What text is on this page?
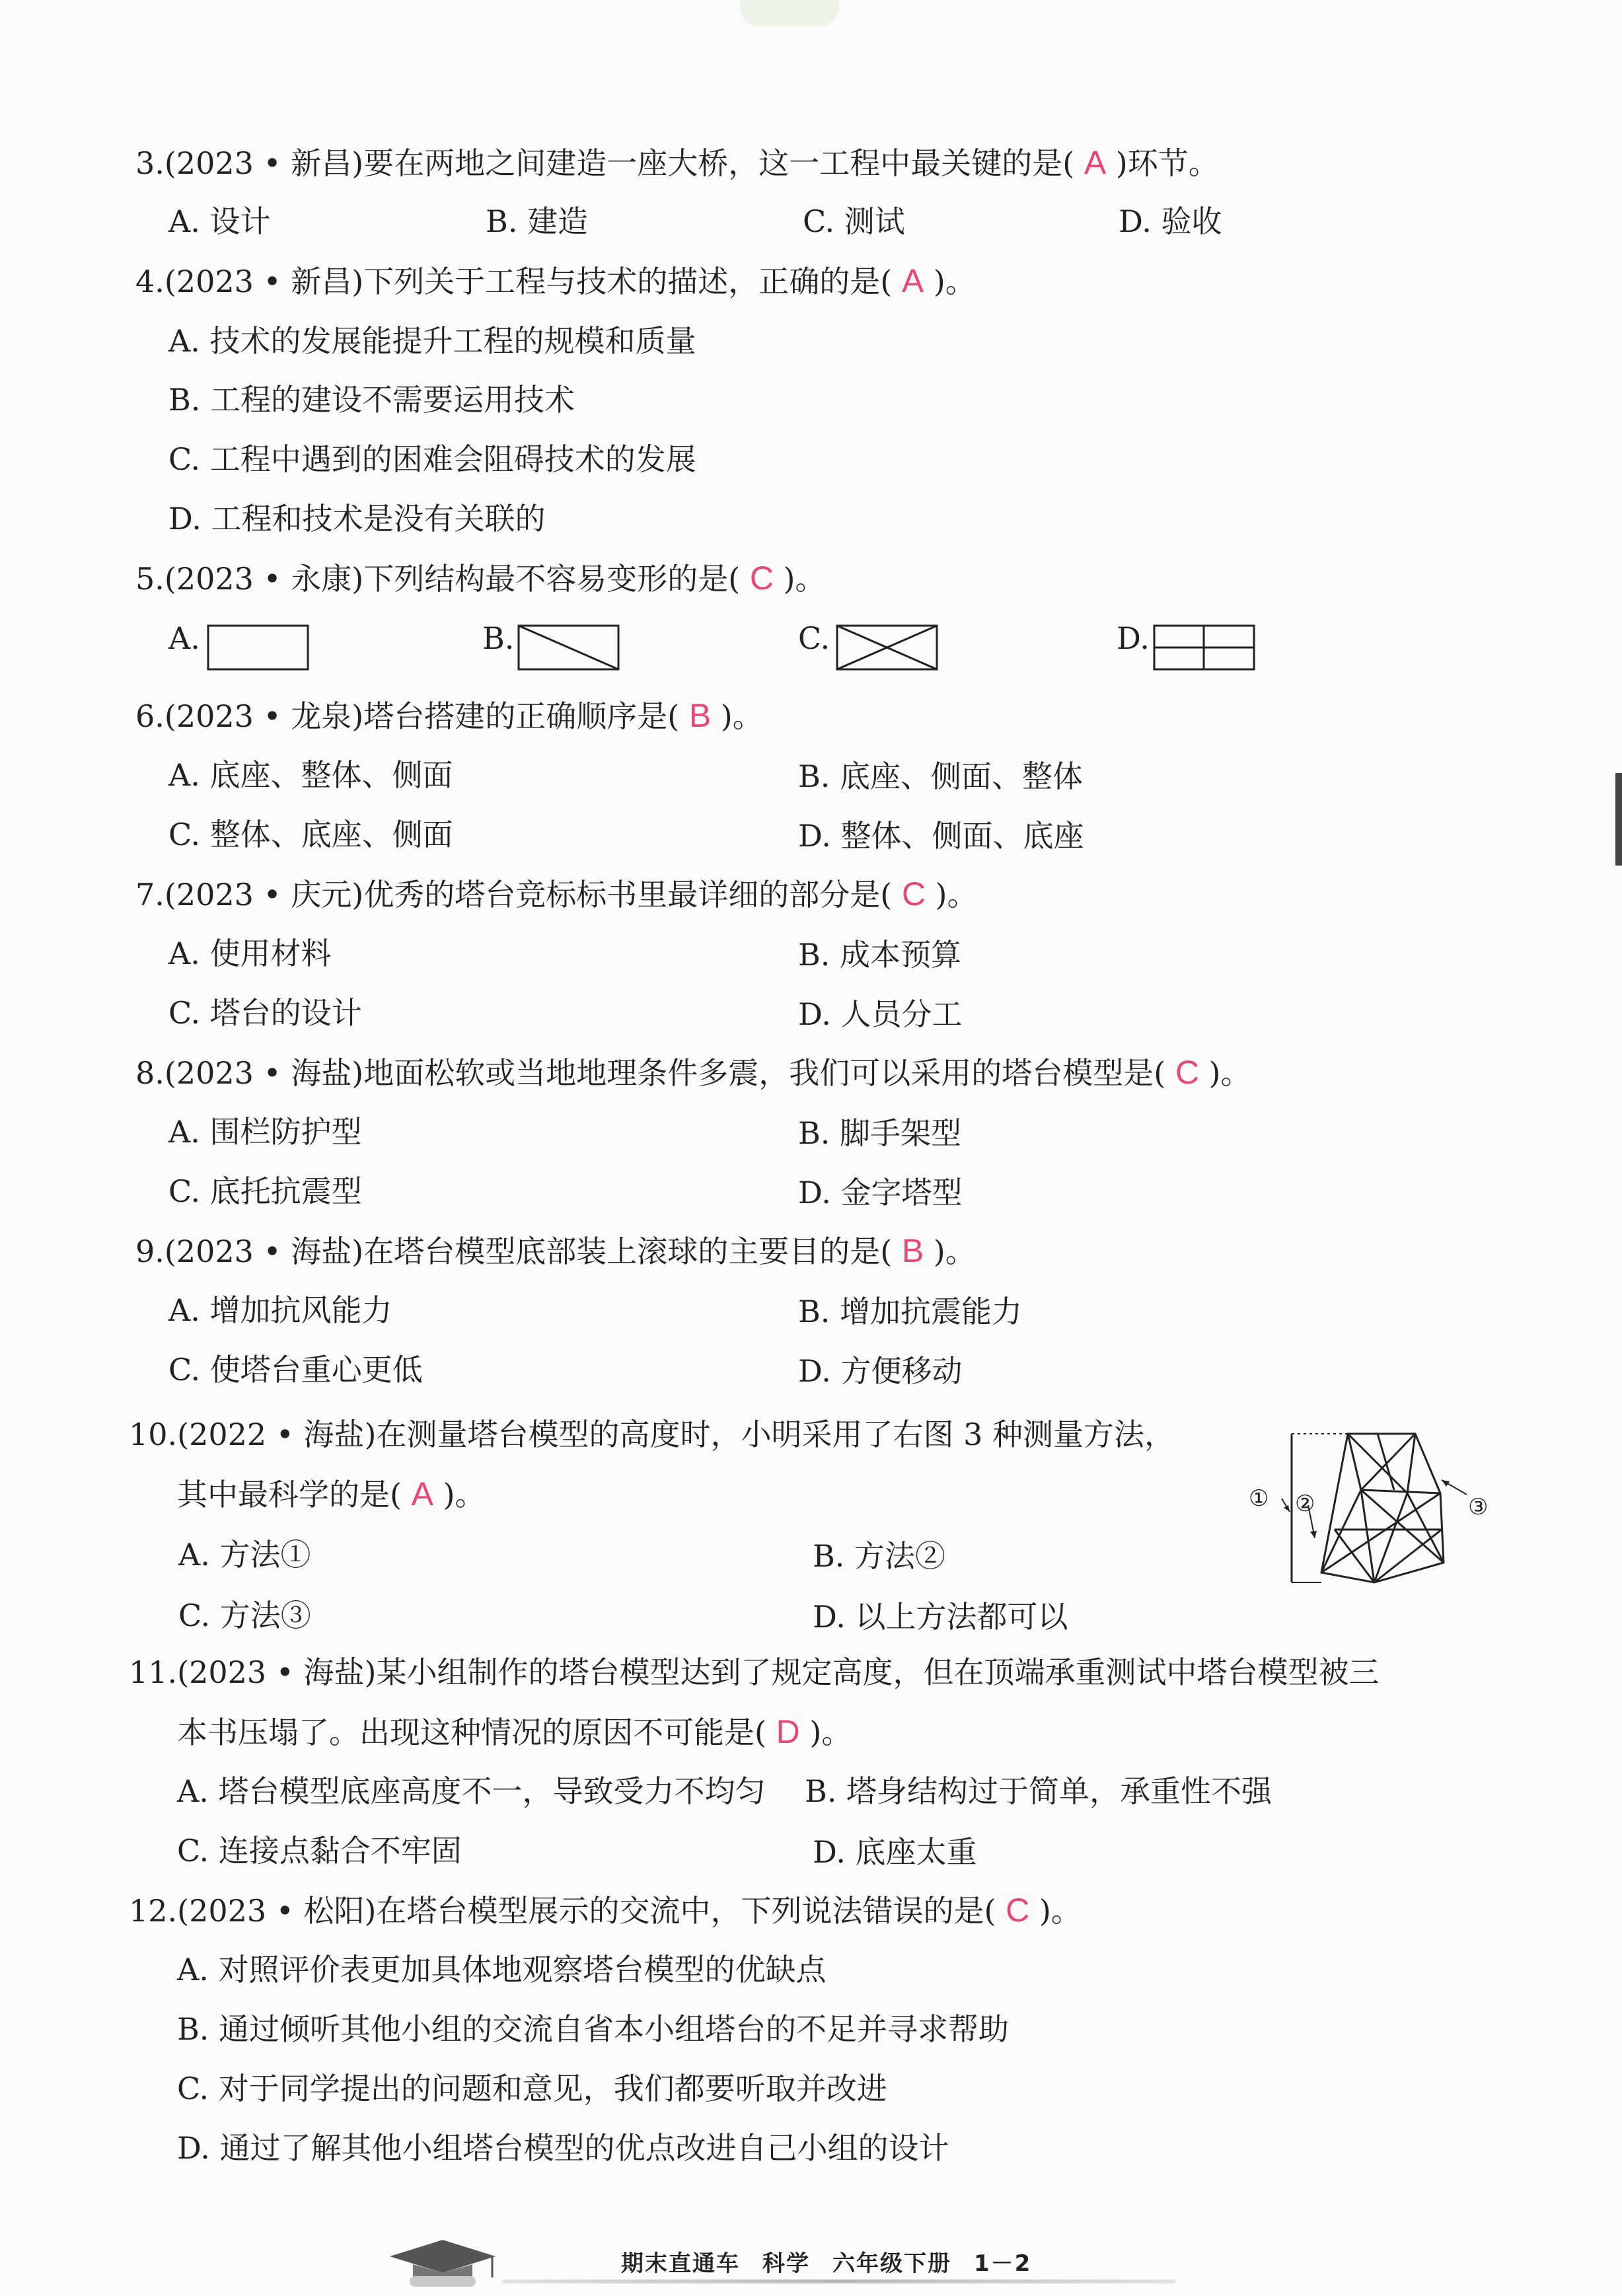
3.(2023 • 新昌)要在两地之间建造一座大桥，这一工程中最关键的是( A )环节。
A. 设计	B. 建造	C. 测试	D. 验收
4.(2023 • 新昌)下列关于工程与技术的描述，正确的是( A )。
A. 技术的发展能提升工程的规模和质量
B. 工程的建设不需要运用技术
C. 工程中遇到的困难会阻碍技术的发展
D. 工程和技术是没有关联的
5.(2023 • 永康)下列结构最不容易变形的是( C )。
A.	B.	C.	D.
6.(2023 • 龙泉)塔台搭建的正确顺序是( B )。
A. 底座、整体、侧面	B. 底座、侧面、整体
C. 整体、底座、侧面	D. 整体、侧面、底座
7.(2023 • 庆元)优秀的塔台竞标标书里最详细的部分是( C )。
A. 使用材料	B. 成本预算
C. 塔台的设计	D. 人员分工
8.(2023 • 海盐)地面松软或当地地理条件多震，我们可以采用的塔台模型是( C )。
A. 围栏防护型	B. 脚手架型
C. 底托抗震型	D. 金字塔型
9.(2023 • 海盐)在塔台模型底部装上滚球的主要目的是( B )。
A. 增加抗风能力	B. 增加抗震能力
C. 使塔台重心更低	D. 方便移动
10.(2022 • 海盐)在测量塔台模型的高度时，小明采用了右图 3 种测量方法，
其中最科学的是( A )。
A. 方法①	B. 方法②
C. 方法③	D. 以上方法都可以
① ②	③
11.(2023 • 海盐)某小组制作的塔台模型达到了规定高度，但在顶端承重测试中塔台模型被三
本书压塌了。出现这种情况的原因不可能是( D )。
A. 塔台模型底座高度不一，导致受力不均匀 B. 塔身结构过于简单，承重性不强
C. 连接点黏合不牢固	D. 底座太重
12.(2023 • 松阳)在塔台模型展示的交流中，下列说法错误的是( C )。
A. 对照评价表更加具体地观察塔台模型的优缺点
B. 通过倾听其他小组的交流自省本小组塔台的不足并寻求帮助
C. 对于同学提出的问题和意见，我们都要听取并改进
D. 通过了解其他小组塔台模型的优点改进自己小组的设计
期末直通车 科学 六年级下册 1－2
